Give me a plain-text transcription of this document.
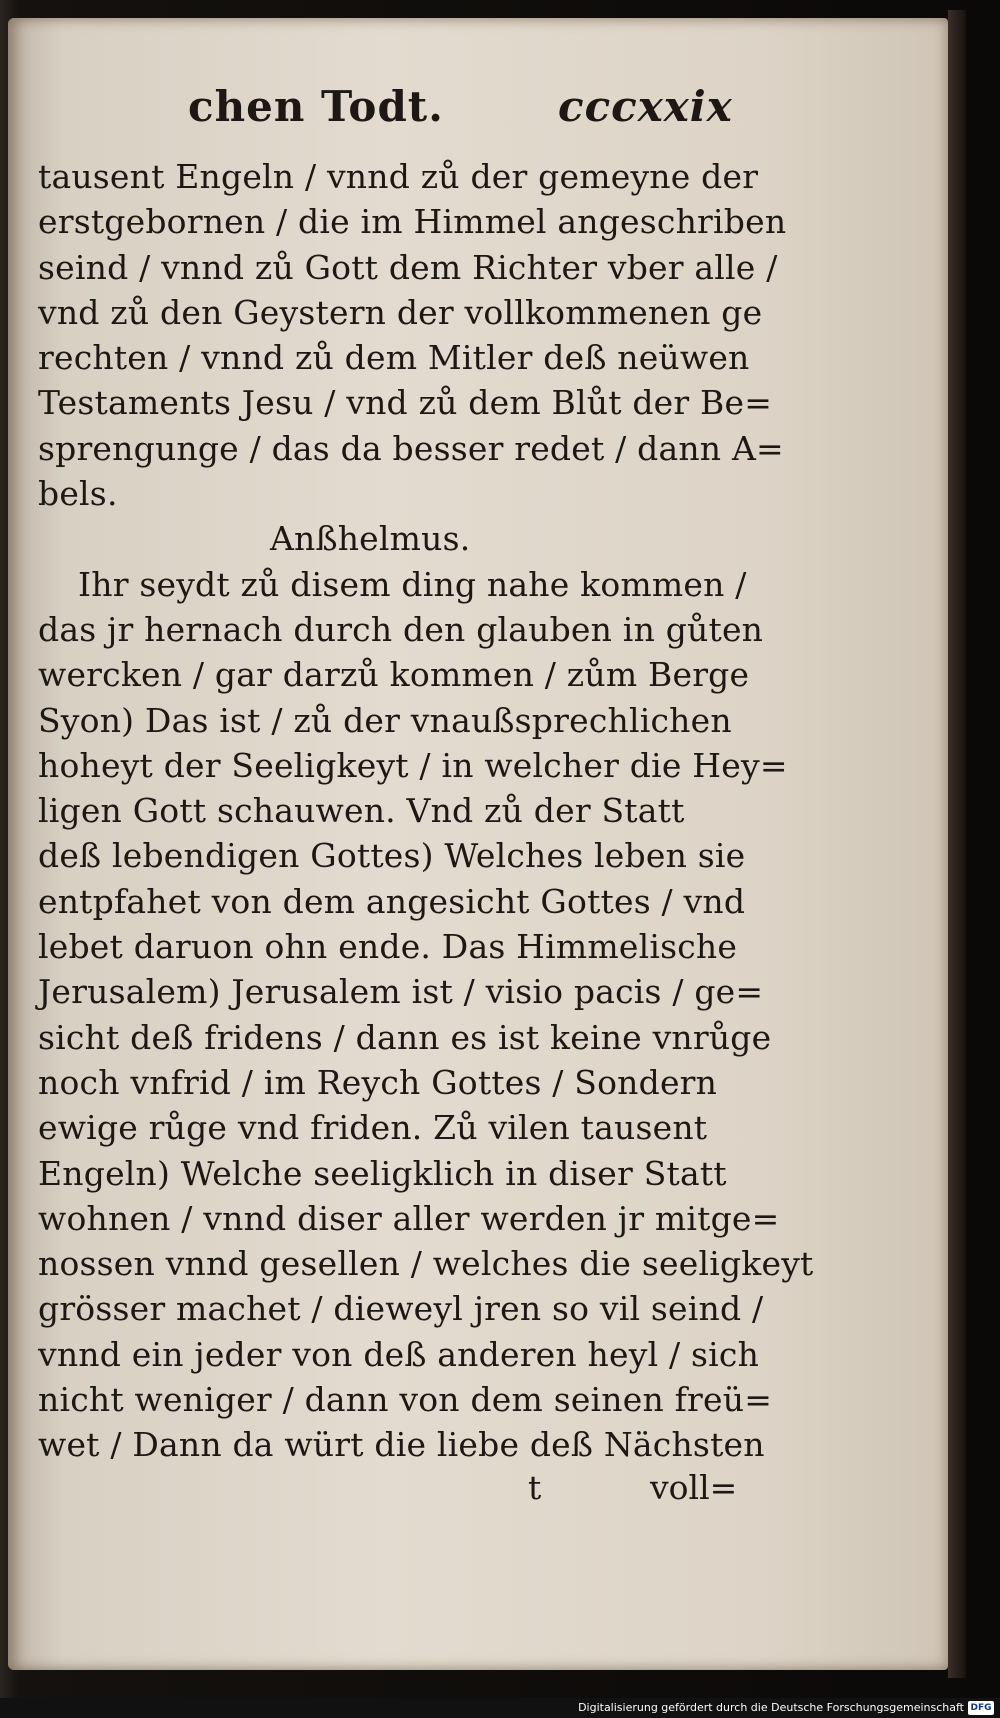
chen Todt.	cccxxix
tausent Engeln / vnnd zů der gemeyne der
erstgebornen / die im Himmel angeschriben
seind / vnnd zů Gott dem Richter vber alle /
vnd zů den Geystern der vollkommenen ge
rechten / vnnd zů dem Mitler deß neüwen
Testaments Jesu / vnd zů dem Blůt der Be=
sprengunge / das da besser redet / dann A=
bels.
Anßhelmus.
Ihr seydt zů disem ding nahe kommen /
das jr hernach durch den glauben in gůten
wercken / gar darzů kommen / zům Berge
Syon) Das ist / zů der vnaußsprechlichen
hoheyt der Seeligkeyt / in welcher die Hey=
ligen Gott schauwen. Vnd zů der Statt
deß lebendigen Gottes) Welches leben sie
entpfahet von dem angesicht Gottes / vnd
lebet daruon ohn ende. Das Himmelische
Jerusalem) Jerusalem ist / visio pacis / ge=
sicht deß fridens / dann es ist keine vnrůge
noch vnfrid / im Reych Gottes / Sondern
ewige růge vnd friden. Zů vilen tausent
Engeln) Welche seeligklich in diser Statt
wohnen / vnnd diser aller werden jr mitge=
nossen vnnd gesellen / welches die seeligkeyt
grösser machet / dieweyl jren so vil seind /
vnnd ein jeder von deß anderen heyl / sich
nicht weniger / dann von dem seinen freü=
wet / Dann da würt die liebe deß Nächsten
t	voll=
Digitalisierung gefördert durch die Deutsche Forschungsgemeinschaft DFG
